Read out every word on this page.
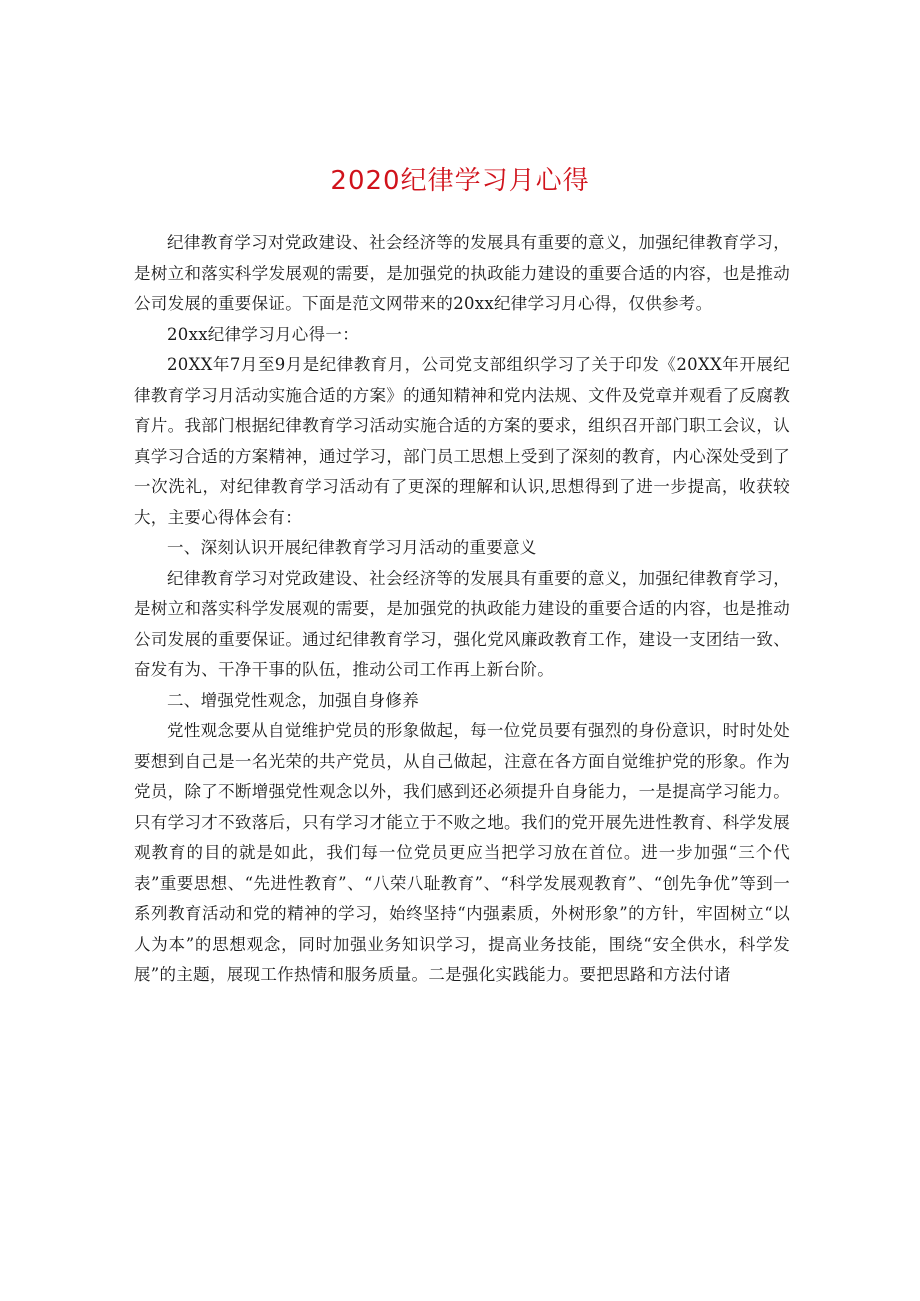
2020纪律学习月心得

纪律教育学习对党政建设、社会经济等的发展具有重要的意义，加强纪律教育学习，是树立和落实科学发展观的需要，是加强党的执政能力建设的重要合适的内容，也是推动公司发展的重要保证。下面是范文网带来的20xx纪律学习月心得，仅供参考。

20xx纪律学习月心得一：

20XX年7月至9月是纪律教育月，公司党支部组织学习了关于印发《20XX年开展纪律教育学习月活动实施合适的方案》的通知精神和党内法规、文件及党章并观看了反腐教育片。我部门根据纪律教育学习活动实施合适的方案的要求，组织召开部门职工会议，认真学习合适的方案精神，通过学习，部门员工思想上受到了深刻的教育，内心深处受到了一次洗礼，对纪律教育学习活动有了更深的理解和认识,思想得到了进一步提高，收获较大，主要心得体会有：

一、深刻认识开展纪律教育学习月活动的重要意义

纪律教育学习对党政建设、社会经济等的发展具有重要的意义，加强纪律教育学习，是树立和落实科学发展观的需要，是加强党的执政能力建设的重要合适的内容，也是推动公司发展的重要保证。通过纪律教育学习，强化党风廉政教育工作，建设一支团结一致、奋发有为、干净干事的队伍，推动公司工作再上新台阶。

二、增强党性观念，加强自身修养

党性观念要从自觉维护党员的形象做起，每一位党员要有强烈的身份意识，时时处处要想到自己是一名光荣的共产党员，从自己做起，注意在各方面自觉维护党的形象。作为党员，除了不断增强党性观念以外，我们感到还必须提升自身能力，一是提高学习能力。只有学习才不致落后，只有学习才能立于不败之地。我们的党开展先进性教育、科学发展观教育的目的就是如此，我们每一位党员更应当把学习放在首位。进一步加强“三个代表”重要思想、“先进性教育”、“八荣八耻教育”、“科学发展观教育”、“创先争优”等到一系列教育活动和党的精神的学习，始终坚持“内强素质，外树形象”的方针，牢固树立“以人为本”的思想观念，同时加强业务知识学习，提高业务技能，围绕“安全供水，科学发展”的主题，展现工作热情和服务质量。二是强化实践能力。要把思路和方法付诸
